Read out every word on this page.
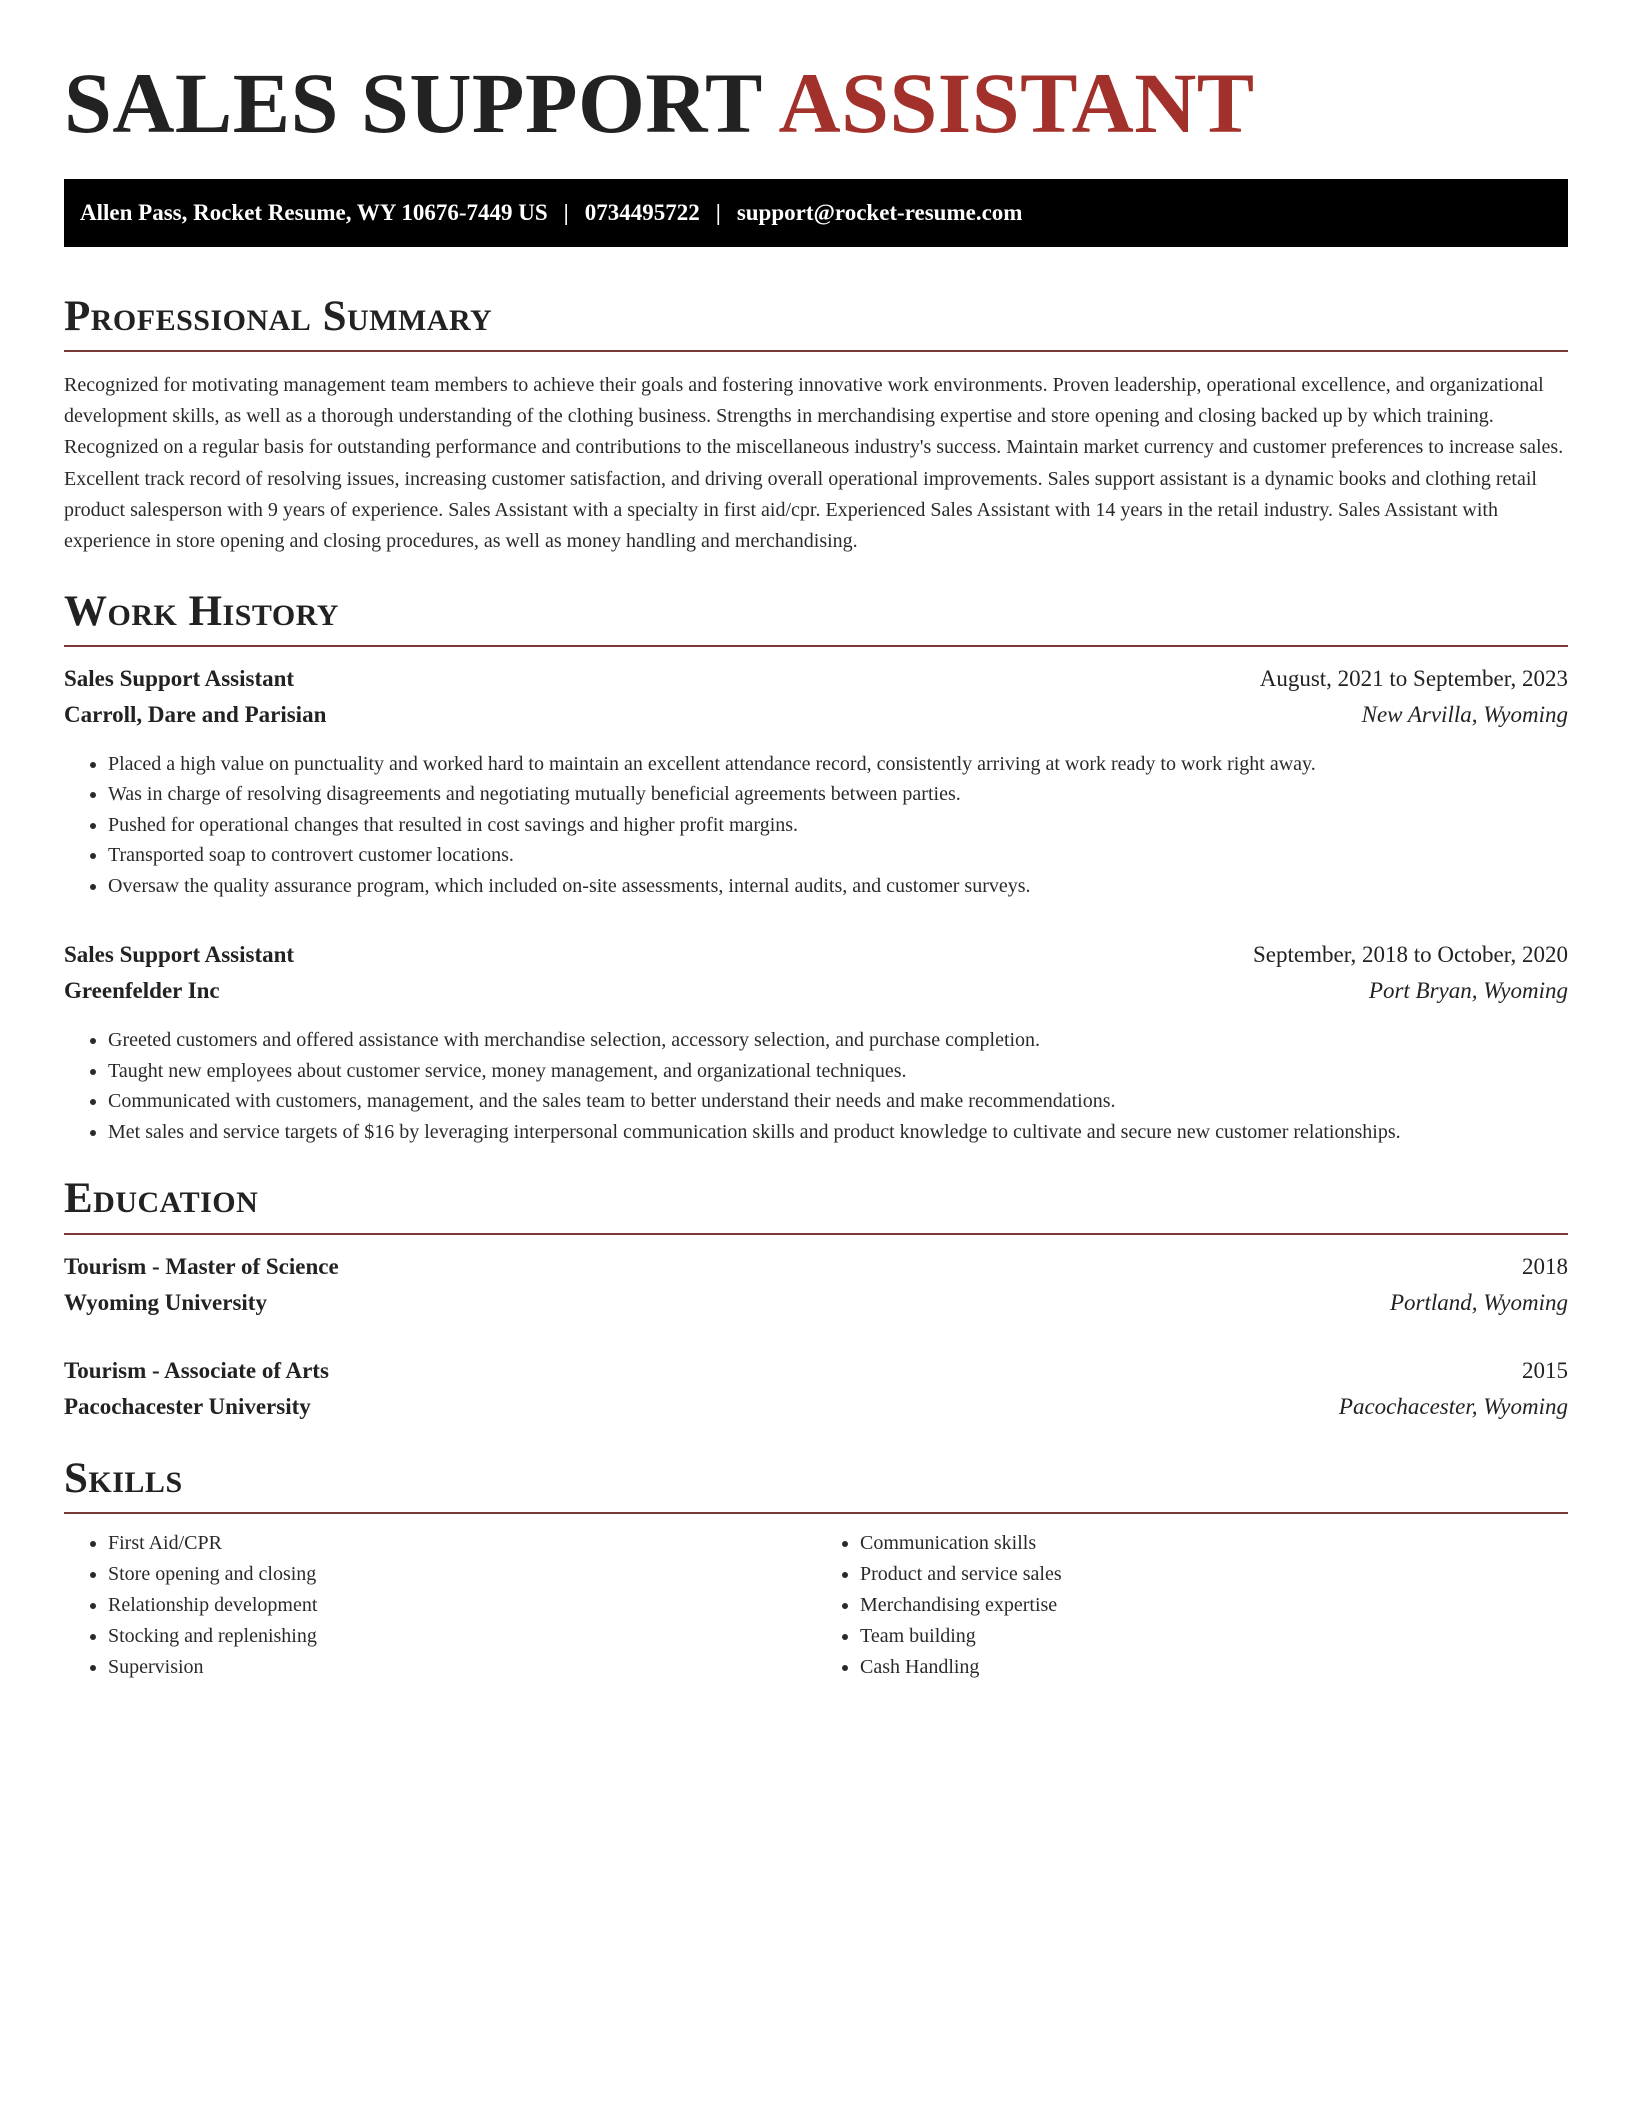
SALES SUPPORT ASSISTANT
Allen Pass, Rocket Resume, WY 10676-7449 US | 0734495722 | support@rocket-resume.com
Professional Summary

Recognized for motivating management team members to achieve their goals and fostering innovative work environments. Proven leadership, operational excellence, and organizational development skills, as well as a thorough understanding of the clothing business. Strengths in merchandising expertise and store opening and closing backed up by which training. Recognized on a regular basis for outstanding performance and contributions to the miscellaneous industry's success. Maintain market currency and customer preferences to increase sales. Excellent track record of resolving issues, increasing customer satisfaction, and driving overall operational improvements. Sales support assistant is a dynamic books and clothing retail product salesperson with 9 years of experience. Sales Assistant with a specialty in first aid/cpr. Experienced Sales Assistant with 14 years in the retail industry. Sales Assistant with experience in store opening and closing procedures, as well as money handling and merchandising.

Work History
Sales Support Assistant	August, 2021 to September, 2023
Carroll, Dare and Parisian	New Arvilla, Wyoming
• Placed a high value on punctuality and worked hard to maintain an excellent attendance record, consistently arriving at work ready to work right away.
• Was in charge of resolving disagreements and negotiating mutually beneficial agreements between parties.
• Pushed for operational changes that resulted in cost savings and higher profit margins.
• Transported soap to controvert customer locations.
• Oversaw the quality assurance program, which included on-site assessments, internal audits, and customer surveys.
Sales Support Assistant	September, 2018 to October, 2020
Greenfelder Inc	Port Bryan, Wyoming
• Greeted customers and offered assistance with merchandise selection, accessory selection, and purchase completion.
• Taught new employees about customer service, money management, and organizational techniques.
• Communicated with customers, management, and the sales team to better understand their needs and make recommendations.
• Met sales and service targets of $16 by leveraging interpersonal communication skills and product knowledge to cultivate and secure new customer relationships.
Education
Tourism - Master of Science	2018
Wyoming University	Portland, Wyoming
Tourism - Associate of Arts	2015
Pacochacester University	Pacochacester, Wyoming
Skills
• First Aid/CPR
• Store opening and closing
• Relationship development
• Stocking and replenishing
• Supervision
• Communication skills
• Product and service sales
• Merchandising expertise
• Team building
• Cash Handling
